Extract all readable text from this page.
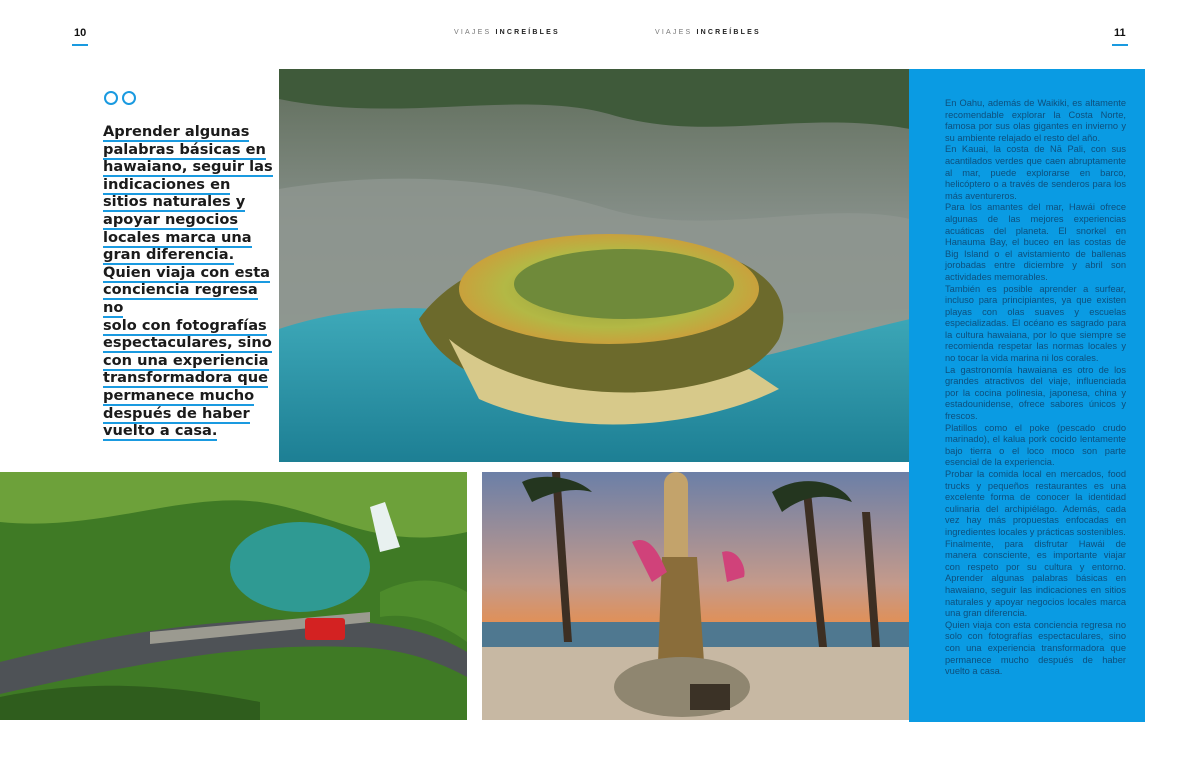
10	11
VIAJES INCREÍBLES	VIAJES INCREÍBLES
Aprender algunas
palabras básicas en
hawaiano, seguir las
indicaciones en
sitios naturales y
apoyar negocios
locales marca una
gran diferencia.
Quien viaja con esta
conciencia regresa no
solo con fotografías
espectaculares, sino
con una experiencia
transformadora que
permanece mucho
después de haber
vuelto a casa.

En Oahu, además de Waikiki, es altamente recomendable explorar la Costa Norte, famosa por sus olas gigantes en invierno y su ambiente relajado el resto del año.

En Kauai, la costa de Nā Pali, con sus acantilados verdes que caen abruptamente al mar, puede explorarse en barco, helicóptero o a través de senderos para los más aventureros.

Para los amantes del mar, Hawái ofrece algunas de las mejores experiencias acuáticas del planeta. El snorkel en Hanauma Bay, el buceo en las costas de Big Island o el avistamiento de ballenas jorobadas entre diciembre y abril son actividades memorables.

También es posible aprender a surfear, incluso para principiantes, ya que existen playas con olas suaves y escuelas especializadas. El océano es sagrado para la cultura hawaiana, por lo que siempre se recomienda respetar las normas locales y no tocar la vida marina ni los corales.

La gastronomía hawaiana es otro de los grandes atractivos del viaje, influenciada por la cocina polinesia, japonesa, china y estadounidense, ofrece sabores únicos y frescos.

Platillos como el poke (pescado crudo marinado), el kalua pork cocido lentamente bajo tierra o el loco moco son parte esencial de la experiencia.

Probar la comida local en mercados, food trucks y pequeños restaurantes es una excelente forma de conocer la identidad culinaria del archipiélago. Además, cada vez hay más propuestas enfocadas en ingredientes locales y prácticas sostenibles.

Finalmente, para disfrutar Hawái de manera consciente, es importante viajar con respeto por su cultura y entorno. Aprender algunas palabras básicas en hawaiano, seguir las indicaciones en sitios naturales y apoyar negocios locales marca una gran diferencia.

Quien viaja con esta conciencia regresa no solo con fotografías espectaculares, sino con una experiencia transformadora que permanece mucho después de haber vuelto a casa.
